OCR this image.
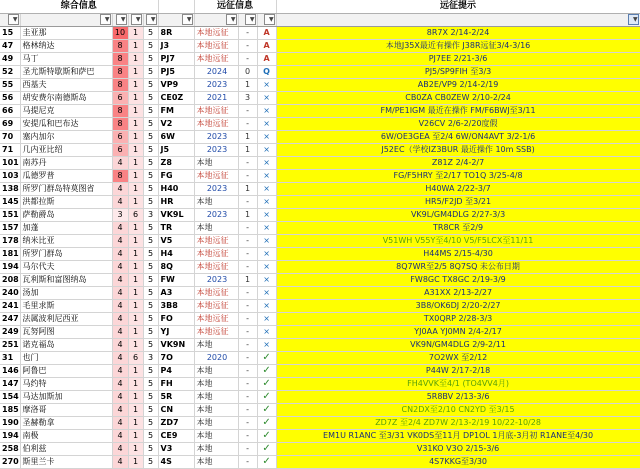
综合信息						远征信息			远征提示
▼	▼	▼	▼	▼	▼	▼	▼	▼	▼
15	圭亚那	10	1	5	8R	本地远征	-	A	8R7X 2/14-2/24
47	格林纳达	8	1	5	J3	本地远征	-	A	本地J35X最近有操作 J38R远征3/4-3/16
49	马丁	8	1	5	PJ7	本地远征	-	A	PJ7EE 2/21-3/6
52	圣尤斯特歇斯和萨巴	8	1	5	PJ5	2024	0	Q	PJ5/SP9FIH 至3/3
55	西基夫	8	1	5	VP9	2023	1	×	AB2E/VP9 2/14-2/19
56	胡安费尔南德斯岛	6	1	5	CE0Z	2021	3	×	CB0ZA CB0ZEW 2/10-2/24
66	马提尼克	8	1	5	FM	本地远征	-	×	FM/PE1IGM 最近在操作 FM/F6BWJ至3/11
69	安提瓜和巴布达	8	1	5	V2	本地远征	-	×	V26CV 2/6-2/20度假
70	塞内加尔	6	1	5	6W	2023	1	×	6W/OE3GEA 至2/4 6W/ON4AVT 3/2-1/6
71	几内亚比绍	6	1	5	J5	2023	1	×	J52EC（学校IZ3BUR 最近操作 10m SSB)
101	南苏丹	4	1	5	Z8	本地	-	×	Z81Z 2/4-2/7
103	瓜德罗普	8	1	5	FG	本地远征	-	×	FG/F5HRY 至2/17 TO1Q 3/25-4/8
138	所罗门群岛特莫图省	4	1	5	H40	2023	1	×	H40WA 2/22-3/7
145	洪都拉斯	4	1	5	HR	本地	-	×	HR5/F2JD 至3/21
151	萨勒爵岛	3	6	3	VK9L	2023	1	×	VK9L/GM4DLG 2/27-3/3
157	加蓬	4	1	5	TR	本地	-	×	TR8CR 至2/9
178	纳米比亚	4	1	5	V5	本地远征	-	×	V51WH V55Y至4/10 V5/F5LCX至11/11
181	所罗门群岛	4	1	5	H4	本地远征	-	×	H44MS 2/15-4/30
194	马尔代夫	4	1	5	8Q	本地远征	-	×	8Q7WR至2/5 8Q7SQ 未公布日期
208	瓦利斯和富图纳岛	4	1	5	FW	2023	1	×	FW8GC TX8GC 2/19-3/9
240	汤加	4	1	5	A3	本地远征	-	×	A31XX 2/13-2/27
241	毛里求斯	4	1	5	3B8	本地远征	-	×	3B8/OK6DJ 2/20-2/27
247	法属波利尼西亚	4	1	5	FO	本地远征	-	×	TX0QRP 2/28-3/3
249	瓦努阿图	4	1	5	YJ	本地远征	-	×	YJ0AA YJ0MN 2/4-2/17
251	诺克福岛	4	1	5	VK9N	本地	-	×	VK9N/GM4DLG 2/9-2/11
31	也门	4	6	3	7O	2020	-	✓	7O2WX 至2/12
146	阿鲁巴	4	1	5	P4	本地	-	✓	P44W 2/17-2/18
147	马约特	4	1	5	FH	本地	-	✓	FH4VVK至4/1 (TO4VV4月)
154	马达加斯加	4	1	5	5R	本地	-	✓	5R8BV 2/13-3/6
185	摩洛哥	4	1	5	CN	本地	-	✓	CN2DX至2/10 CN2YD 至3/15
190	圣赫勒拿	4	1	5	ZD7	本地	-	✓	ZD7Z 至2/4 ZD7W 2/13-2/19 10/22-10/28
194	南极	4	1	5	CE9	本地	-	✓	EM1U R1ANC 至3/31 VK0DS至11月 DP1OL 1月底-3月初 R1ANE至4/30
258	伯利兹	4	1	5	V3	本地	-	✓	V31KO V3O 2/15-3/6
270	斯里兰卡	4	1	5	4S	本地	-	✓	4S7KKG至3/30
